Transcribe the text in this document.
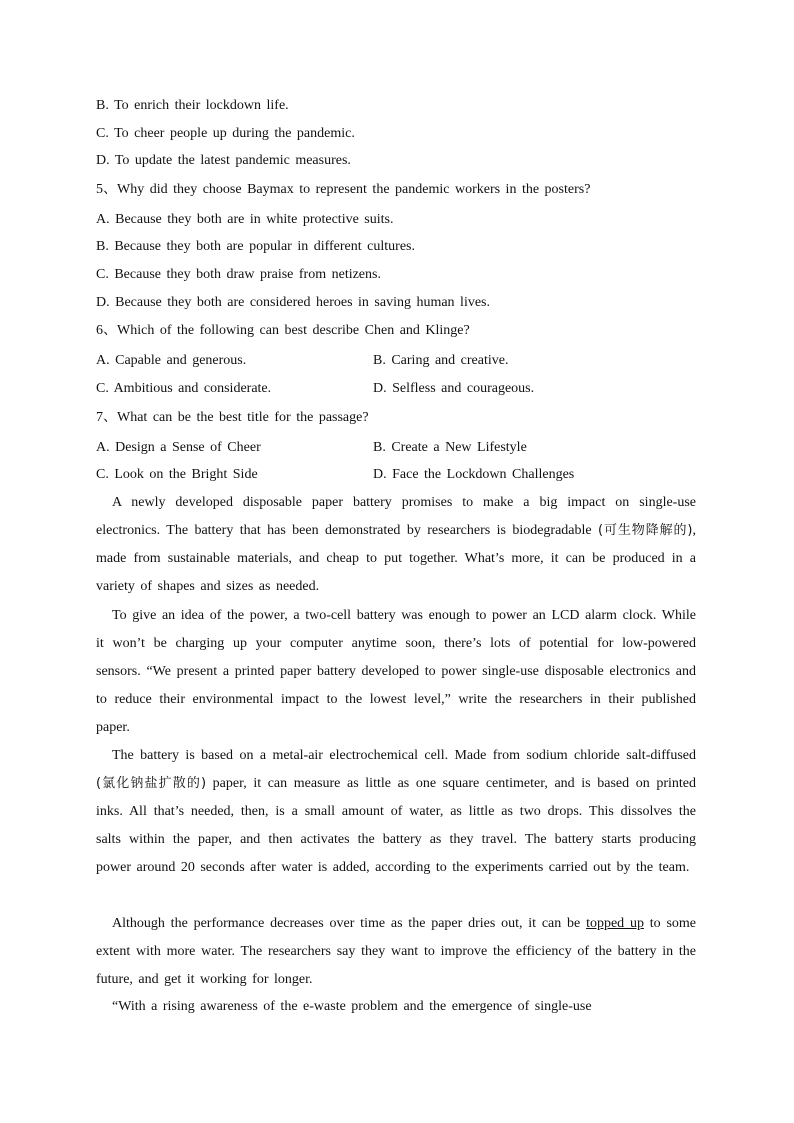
B. To enrich their lockdown life.
C. To cheer people up during the pandemic.
D. To update the latest pandemic measures.
5、Why did they choose Baymax to represent the pandemic workers in the posters?
A. Because they both are in white protective suits.
B. Because they both are popular in different cultures.
C. Because they both draw praise from netizens.
D. Because they both are considered heroes in saving human lives.
6、Which of the following can best describe Chen and Klinge?
A. Capable and generous.	B. Caring and creative.
C. Ambitious and considerate.	D. Selfless and courageous.
7、What can be the best title for the passage?
A. Design a Sense of Cheer	B. Create a New Lifestyle
C. Look on the Bright Side	D. Face the Lockdown Challenges
A newly developed disposable paper battery promises to make a big impact on single-use electronics. The battery that has been demonstrated by researchers is biodegradable (可生物降解的), made from sustainable materials, and cheap to put together. What’s more, it can be produced in a variety of shapes and sizes as needed.
To give an idea of the power, a two-cell battery was enough to power an LCD alarm clock. While it won’t be charging up your computer anytime soon, there’s lots of potential for low-powered sensors. “We present a printed paper battery developed to power single-use disposable electronics and to reduce their environmental impact to the lowest level,” write the researchers in their published paper.
The battery is based on a metal-air electrochemical cell. Made from sodium chloride salt-diffused (氯化钠盐扩散的) paper, it can measure as little as one square centimeter, and is based on printed inks. All that’s needed, then, is a small amount of water, as little as two drops. This dissolves the salts within the paper, and then activates the battery as they travel. The battery starts producing power around 20 seconds after water is added, according to the experiments carried out by the team.
Although the performance decreases over time as the paper dries out, it can be topped up to some extent with more water. The researchers say they want to improve the efficiency of the battery in the future, and get it working for longer.
“With a rising awareness of the e-waste problem and the emergence of single-use
